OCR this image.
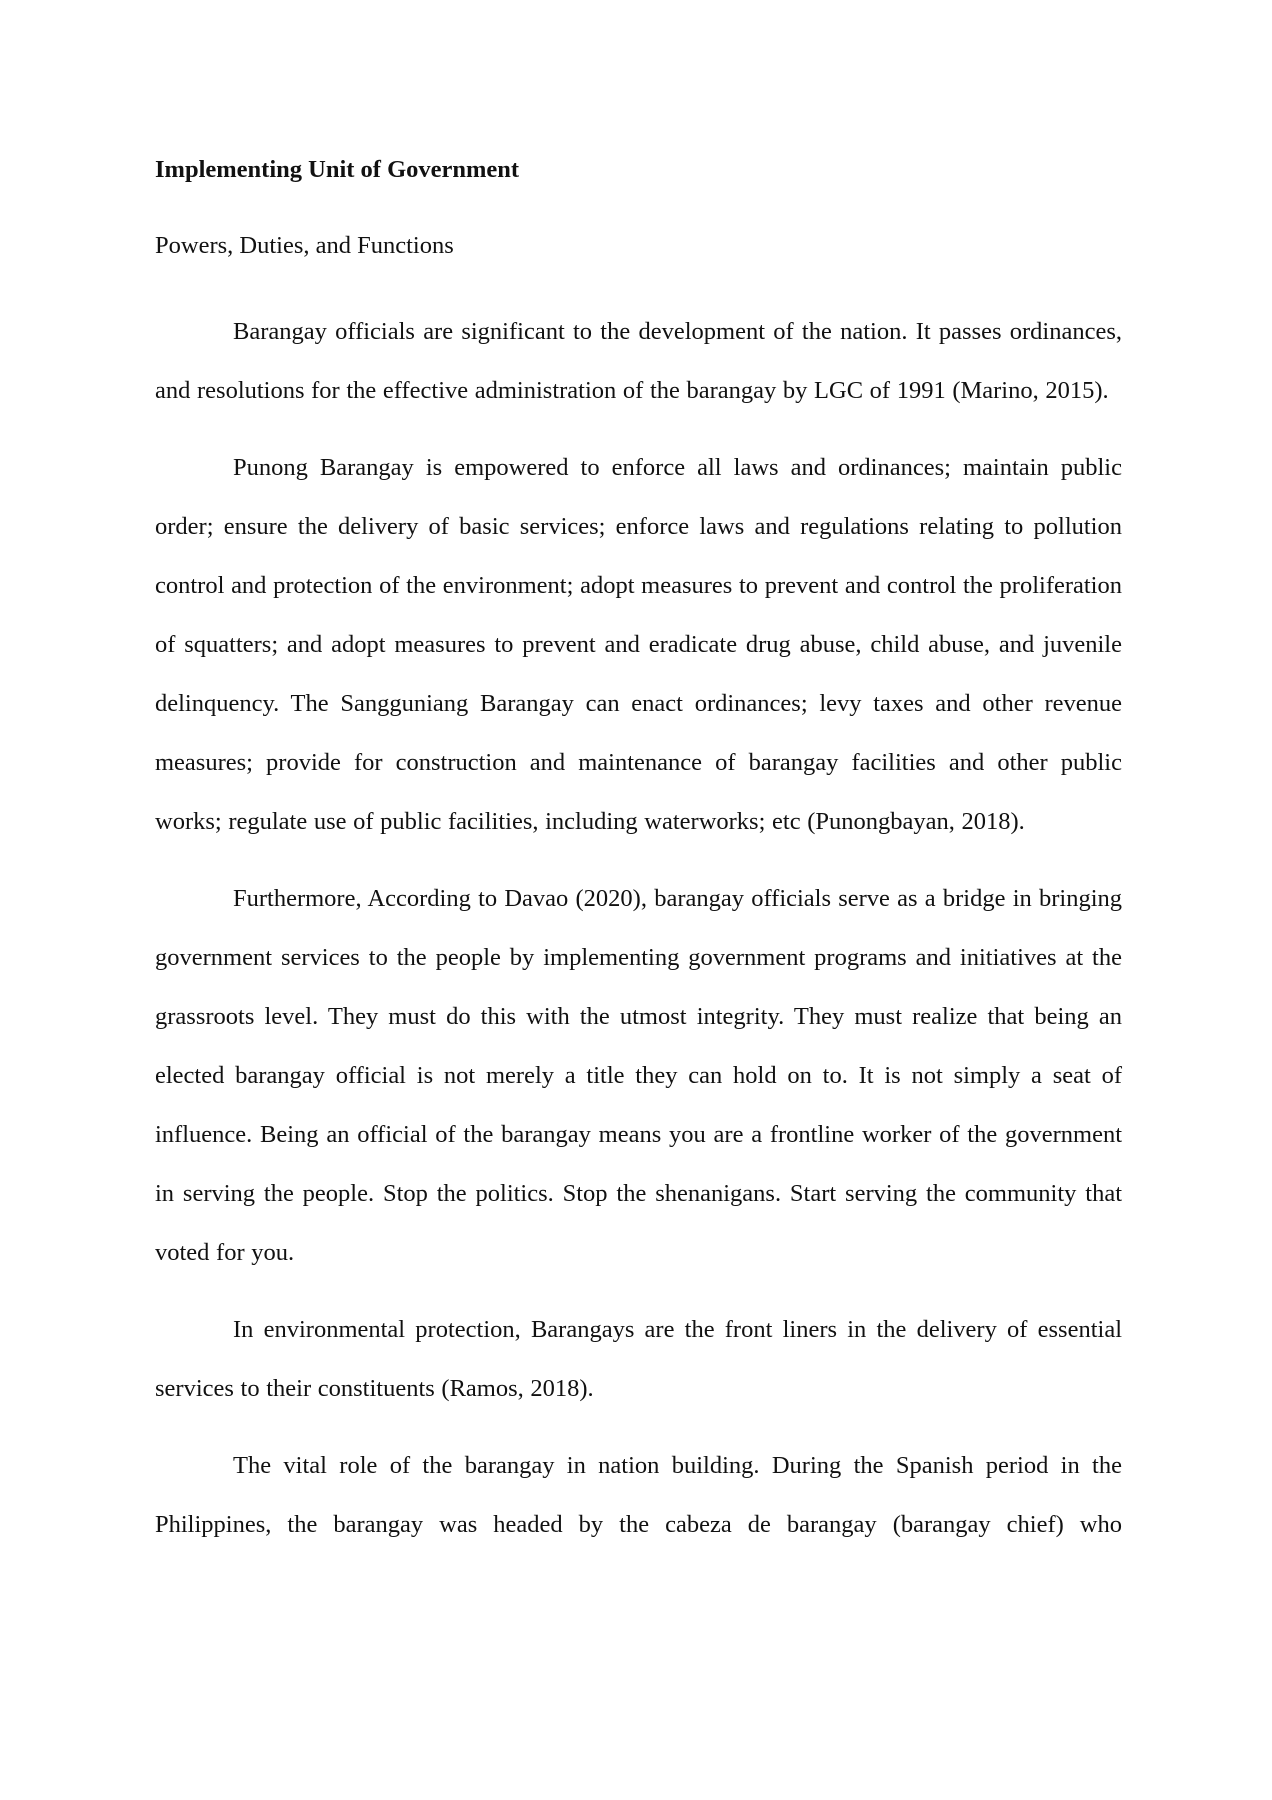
Implementing Unit of Government
Powers, Duties, and Functions

Barangay officials are significant to the development of the nation. It passes ordinances, and resolutions for the effective administration of the barangay by LGC of 1991 (Marino, 2015).

Punong Barangay is empowered to enforce all laws and ordinances; maintain public order; ensure the delivery of basic services; enforce laws and regulations relating to pollution control and protection of the environment; adopt measures to prevent and control the proliferation of squatters; and adopt measures to prevent and eradicate drug abuse, child abuse, and juvenile delinquency. The Sangguniang Barangay can enact ordinances; levy taxes and other revenue measures; provide for construction and maintenance of barangay facilities and other public works; regulate use of public facilities, including waterworks; etc (Punongbayan, 2018).

Furthermore, According to Davao (2020), barangay officials serve as a bridge in bringing government services to the people by implementing government programs and initiatives at the grassroots level. They must do this with the utmost integrity. They must realize that being an elected barangay official is not merely a title they can hold on to. It is not simply a seat of influence. Being an official of the barangay means you are a frontline worker of the government in serving the people. Stop the politics. Stop the shenanigans. Start serving the community that voted for you.

In environmental protection, Barangays are the front liners in the delivery of essential services to their constituents (Ramos, 2018).

The vital role of the barangay in nation building. During the Spanish period in the Philippines, the barangay was headed by the cabeza de barangay (barangay chief) who
